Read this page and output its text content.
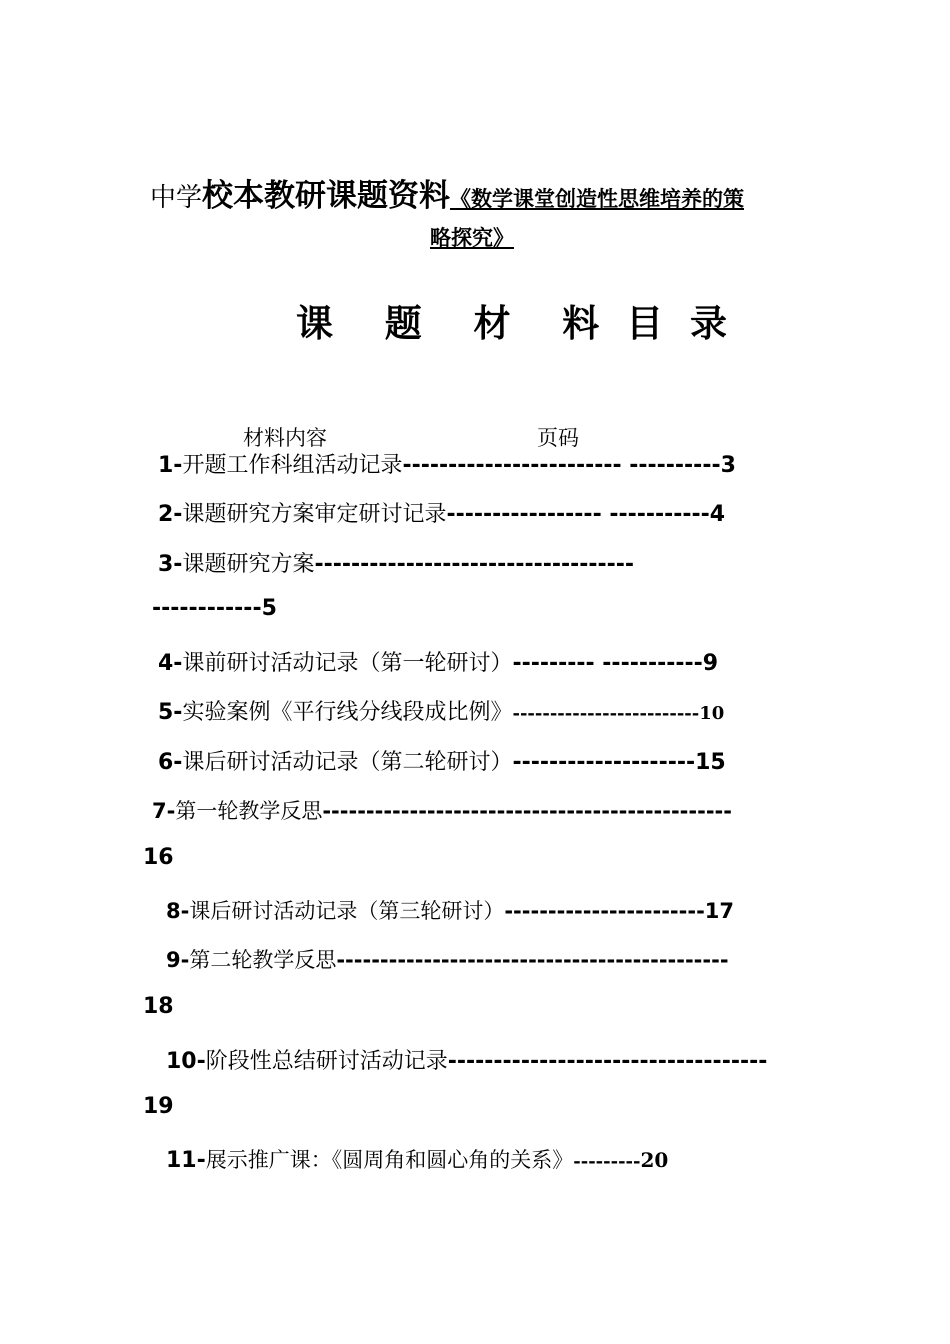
中学校本教研课题资料《数学课堂创造性思维培养的策
略探究》
课  题  材  料 目 录
材料内容	页码
1-开题工作科组活动记录------------------------ ----------3
2-课题研究方案审定研讨记录----------------- -----------4
3-课题研究方案-----------------------------------
------------5
4-课前研讨活动记录（第一轮研讨）--------- -----------9
5-实验案例《平行线分线段成比例》-------------------------10
6-课后研讨活动记录（第二轮研讨）--------------------15
7-第一轮教学反思-----------------------------------------------
16
8-课后研讨活动记录（第三轮研讨）-----------------------17
9-第二轮教学反思---------------------------------------------
18
10-阶段性总结研讨活动记录-----------------------------------
19
11-展示推广课：《圆周角和圆心角的关系》---------20
